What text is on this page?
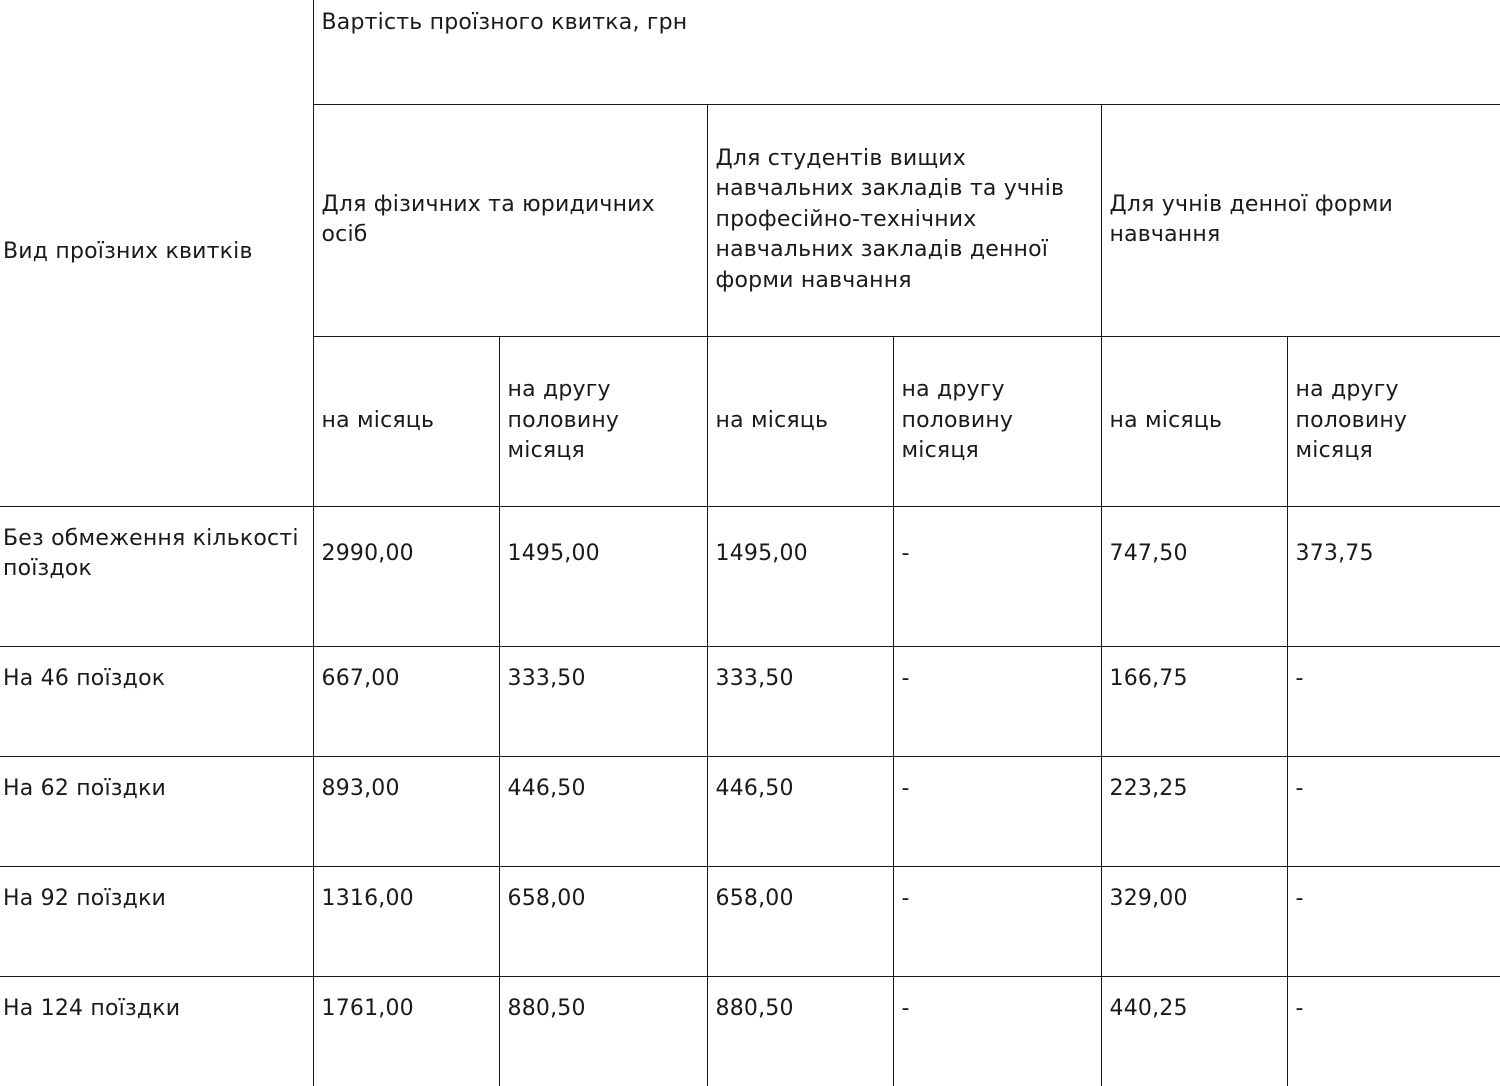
Вид проїзних квитків	Вартість проїзного квитка, грн					

	Для фізичних та юридичних осіб		Для студентів вищих навчальних закладів та учнів професійно-технічних навчальних закладів денної форми навчання		Для учнів денної форми навчання	

	на місяць	на другу половину місяця	на місяць	на другу половину місяця	на місяць	на другу половину місяця

Без обмеження кількості поїздок	2990,00	1495,00	1495,00	-	747,50	373,75

На 46 поїздок	667,00	333,50	333,50	-	166,75	-

На 62 поїздки	893,00	446,50	446,50	-	223,25	-

На 92 поїздки	1316,00	658,00	658,00	-	329,00	-

На 124 поїздки	1761,00	880,50	880,50	-	440,25	-
